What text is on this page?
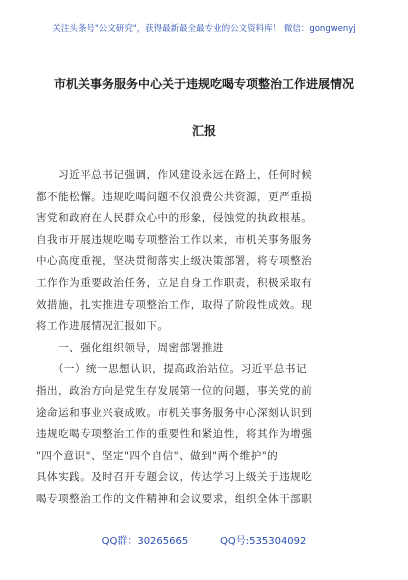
关注头条号"公文研究"，获得最新最全最专业的公文资料库！ 微信：gongwenyj
市机关事务服务中心关于违规吃喝专项整治工作进展情况
汇报
　　习近平总书记强调，作风建设永远在路上，任何时候
都不能松懈。违规吃喝问题不仅浪费公共资源，更严重损
害党和政府在人民群众心中的形象，侵蚀党的执政根基。
自我市开展违规吃喝专项整治工作以来，市机关事务服务
中心高度重视，坚决贯彻落实上级决策部署，将专项整治
工作作为重要政治任务，立足自身工作职责，积极采取有
效措施，扎实推进专项整治工作，取得了阶段性成效。现
将工作进展情况汇报如下。
　　一、强化组织领导，周密部署推进
　　（一）统一思想认识，提高政治站位。习近平总书记
指出，政治方向是党生存发展第一位的问题，事关党的前
途命运和事业兴衰成败。市机关事务服务中心深刻认识到
违规吃喝专项整治工作的重要性和紧迫性，将其作为增强
"四个意识"、坚定"四个自信"、做到"两个维护"的
具体实践。及时召开专题会议，传达学习上级关于违规吃
喝专项整治工作的文件精神和会议要求，组织全体干部职
QQ群：30265665          QQ号:535304092
